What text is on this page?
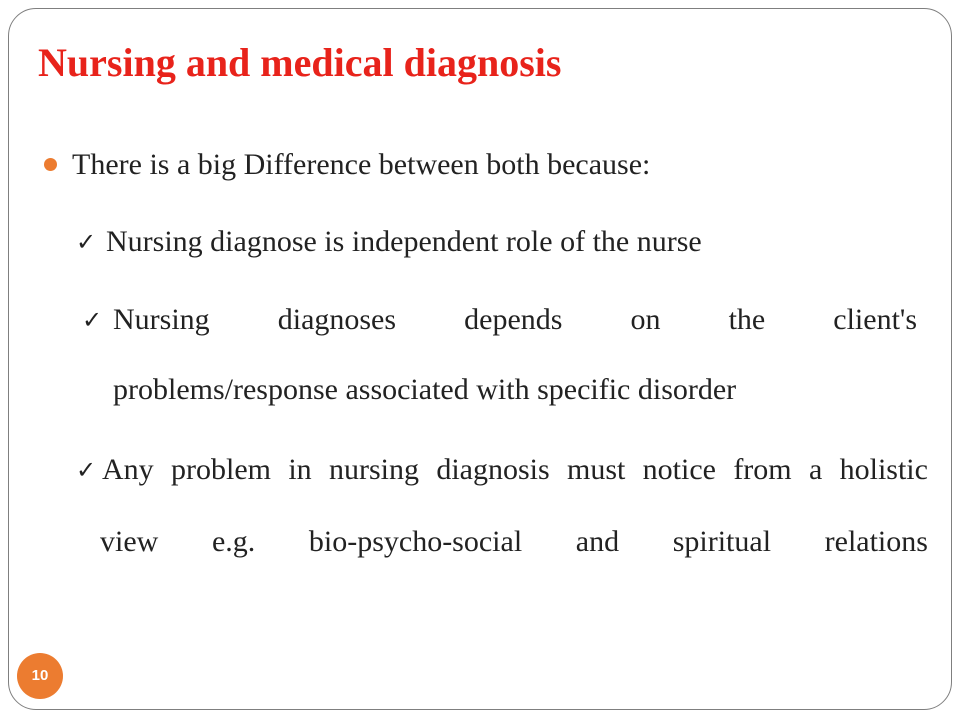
Nursing and medical diagnosis
There is a big Difference between both because:
✓ Nursing diagnose is independent role of the nurse
✓ Nursing diagnoses depends on the client's
problems/response associated with specific disorder
✓ Any problem in nursing diagnosis must notice from a holistic
view e.g. bio-psycho-social and spiritual relations
10
